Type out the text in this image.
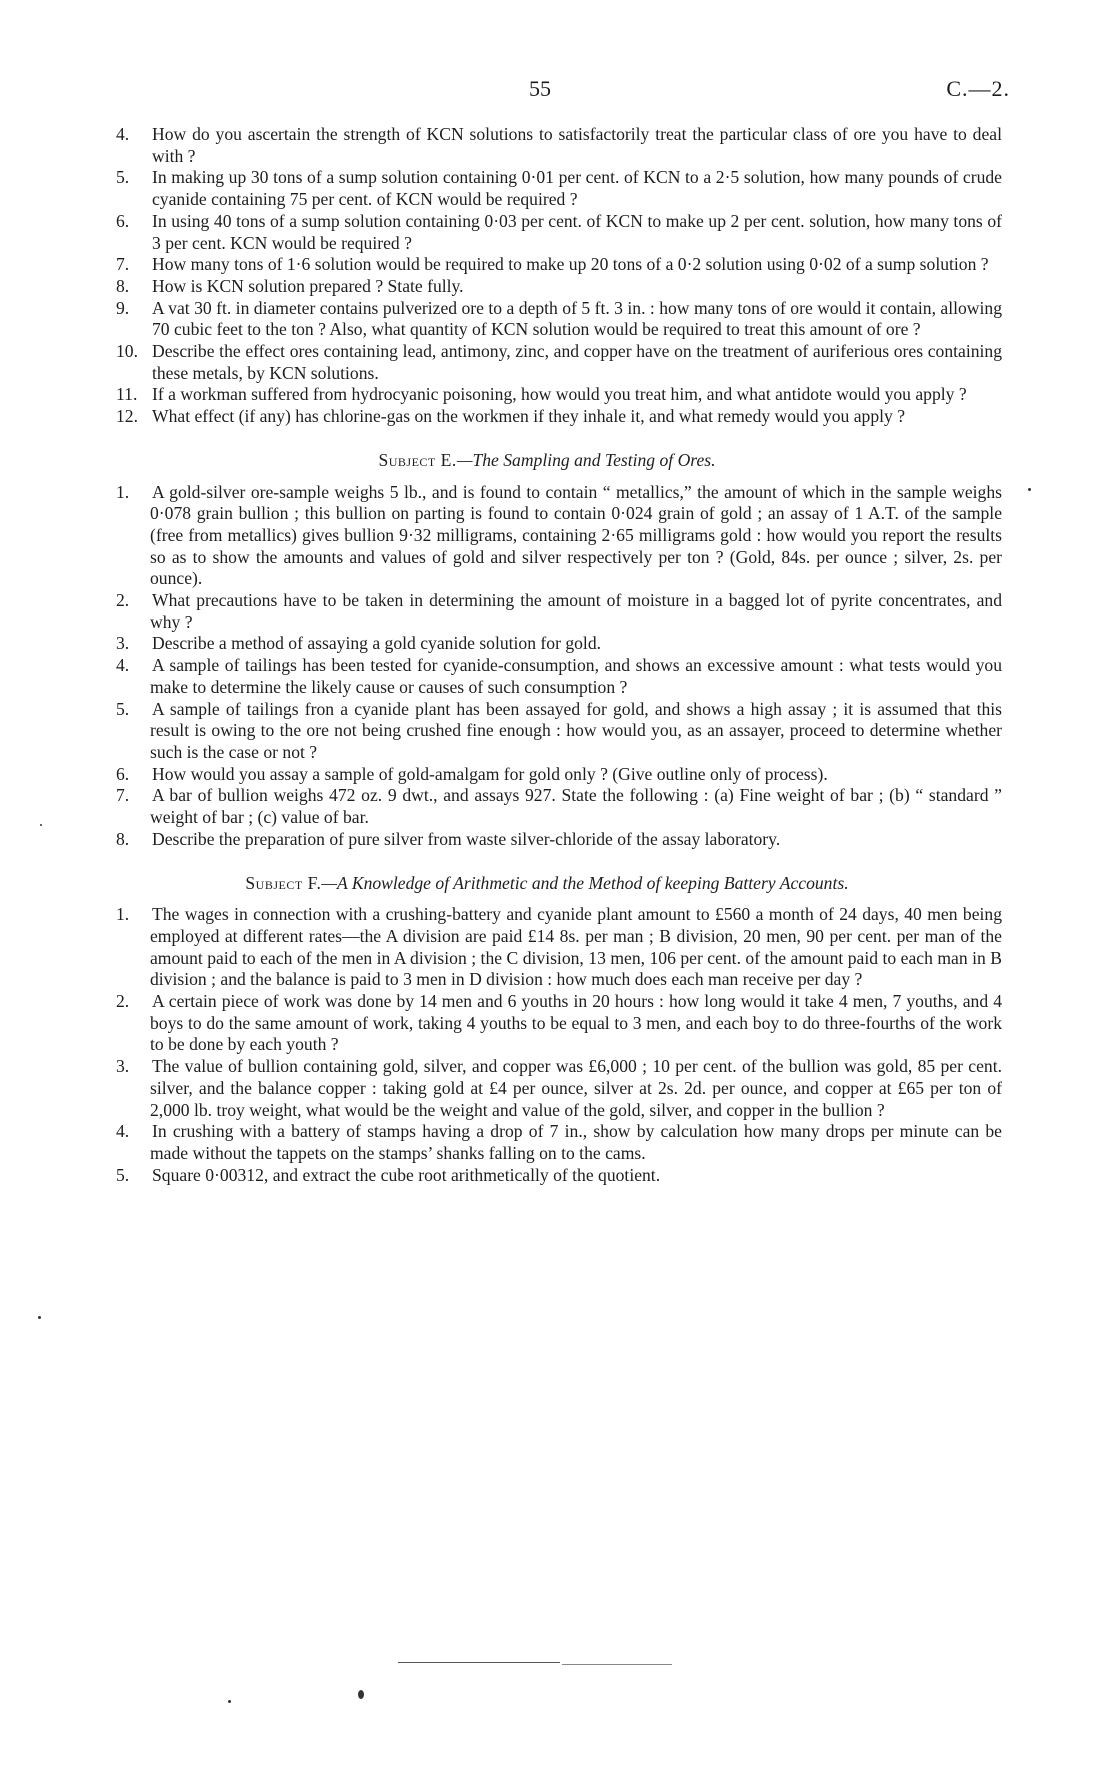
55	C.—2.
4. How do you ascertain the strength of KCN solutions to satisfactorily treat the particular class of ore you have to deal with ?
5. In making up 30 tons of a sump solution containing 0·01 per cent. of KCN to a 2·5 solution, how many pounds of crude cyanide containing 75 per cent. of KCN would be required ?
6. In using 40 tons of a sump solution containing 0·03 per cent. of KCN to make up 2 per cent. solution, how many tons of 3 per cent. KCN would be required ?
7. How many tons of 1·6 solution would be required to make up 20 tons of a 0·2 solution using 0·02 of a sump solution ?
8. How is KCN solution prepared ? State fully.
9. A vat 30 ft. in diameter contains pulverized ore to a depth of 5 ft. 3 in. : how many tons of ore would it contain, allowing 70 cubic feet to the ton ? Also, what quantity of KCN solution would be required to treat this amount of ore ?
10. Describe the effect ores containing lead, antimony, zinc, and copper have on the treatment of auriferious ores containing these metals, by KCN solutions.
11. If a workman suffered from hydrocyanic poisoning, how would you treat him, and what antidote would you apply ?
12. What effect (if any) has chlorine-gas on the workmen if they inhale it, and what remedy would you apply ?
Subject E.—The Sampling and Testing of Ores.
1. A gold-silver ore-sample weighs 5 lb., and is found to contain “ metallics,” the amount of which in the sample weighs 0·078 grain bullion ; this bullion on parting is found to contain 0·024 grain of gold ; an assay of 1 A.T. of the sample (free from metallics) gives bullion 9·32 milligrams, containing 2·65 milligrams gold : how would you report the results so as to show the amounts and values of gold and silver respectively per ton ? (Gold, 84s. per ounce ; silver, 2s. per ounce).
2. What precautions have to be taken in determining the amount of moisture in a bagged lot of pyrite concentrates, and why ?
3. Describe a method of assaying a gold cyanide solution for gold.
4. A sample of tailings has been tested for cyanide-consumption, and shows an excessive amount : what tests would you make to determine the likely cause or causes of such consumption ?
5. A sample of tailings fron a cyanide plant has been assayed for gold, and shows a high assay ; it is assumed that this result is owing to the ore not being crushed fine enough : how would you, as an assayer, proceed to determine whether such is the case or not ?
6. How would you assay a sample of gold-amalgam for gold only ? (Give outline only of process).
7. A bar of bullion weighs 472 oz. 9 dwt., and assays 927. State the following : (a) Fine weight of bar ; (b) “ standard ” weight of bar ; (c) value of bar.
8. Describe the preparation of pure silver from waste silver-chloride of the assay laboratory.
Subject F.—A Knowledge of Arithmetic and the Method of keeping Battery Accounts.
1. The wages in connection with a crushing-battery and cyanide plant amount to £560 a month of 24 days, 40 men being employed at different rates—the A division are paid £14 8s. per man ; B division, 20 men, 90 per cent. per man of the amount paid to each of the men in A division ; the C division, 13 men, 106 per cent. of the amount paid to each man in B division ; and the balance is paid to 3 men in D division : how much does each man receive per day ?
2. A certain piece of work was done by 14 men and 6 youths in 20 hours : how long would it take 4 men, 7 youths, and 4 boys to do the same amount of work, taking 4 youths to be equal to 3 men, and each boy to do three-fourths of the work to be done by each youth ?
3. The value of bullion containing gold, silver, and copper was £6,000 ; 10 per cent. of the bullion was gold, 85 per cent. silver, and the balance copper : taking gold at £4 per ounce, silver at 2s. 2d. per ounce, and copper at £65 per ton of 2,000 lb. troy weight, what would be the weight and value of the gold, silver, and copper in the bullion ?
4. In crushing with a battery of stamps having a drop of 7 in., show by calculation how many drops per minute can be made without the tappets on the stamps’ shanks falling on to the cams.
5. Square 0·00312, and extract the cube root arithmetically of the quotient.
